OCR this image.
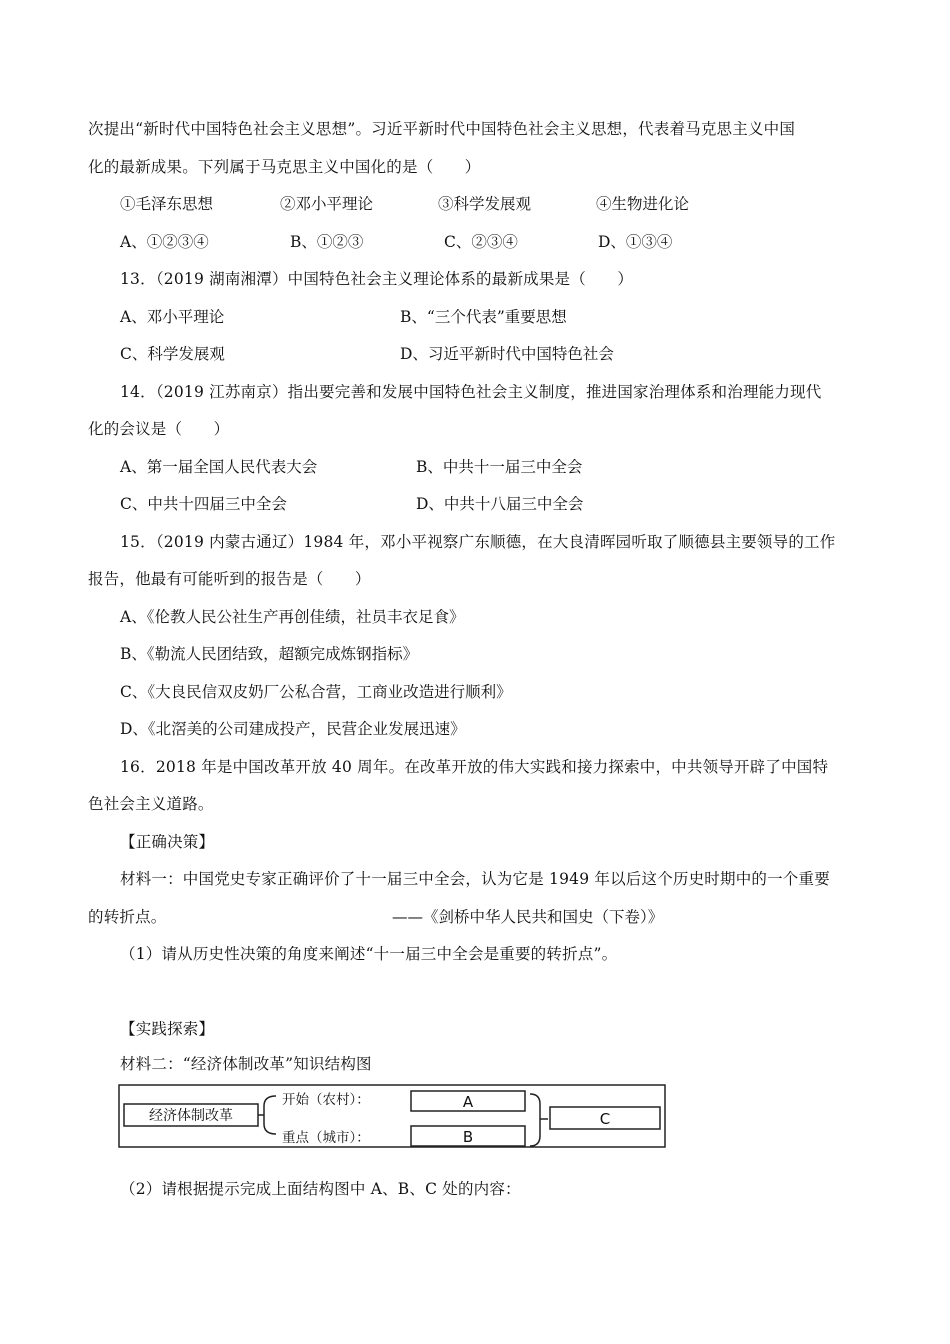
次提出“新时代中国特色社会主义思想”。习近平新时代中国特色社会主义思想，代表着马克思主义中国
化的最新成果。下列属于马克思主义中国化的是（　　）
①毛泽东思想	②邓小平理论	③科学发展观	④生物进化论
A、①②③④	B、①②③	C、②③④	D、①③④
13．（2019 湖南湘潭）中国特色社会主义理论体系的最新成果是（　　）
A、邓小平理论	B、“三个代表”重要思想
C、科学发展观	D、习近平新时代中国特色社会
14．（2019 江苏南京）指出要完善和发展中国特色社会主义制度，推进国家治理体系和治理能力现代
化的会议是（　　）
A、第一届全国人民代表大会	B、中共十一届三中全会
C、中共十四届三中全会	D、中共十八届三中全会
15．（2019 内蒙古通辽）1984 年，邓小平视察广东顺德，在大良清晖园听取了顺德县主要领导的工作
报告，他最有可能听到的报告是（　　）
A、《伦教人民公社生产再创佳绩，社员丰衣足食》
B、《勒流人民团结致，超额完成炼钢指标》
C、《大良民信双皮奶厂公私合营，工商业改造进行顺利》
D、《北滘美的公司建成投产，民营企业发展迅速》
16．2018 年是中国改革开放 40 周年。在改革开放的伟大实践和接力探索中，中共领导开辟了中国特
色社会主义道路。
【正确决策】
材料一：中国党史专家正确评价了十一届三中全会，认为它是 1949 年以后这个历史时期中的一个重要
的转折点。	——《剑桥中华人民共和国史（下卷）》
（1）请从历史性决策的角度来阐述“十一届三中全会是重要的转折点”。
【实践探索】
材料二：“经济体制改革”知识结构图
经济体制改革
开始（农村）：
重点（城市）：
A
B
C
（2）请根据提示完成上面结构图中 A、B、C 处的内容：
